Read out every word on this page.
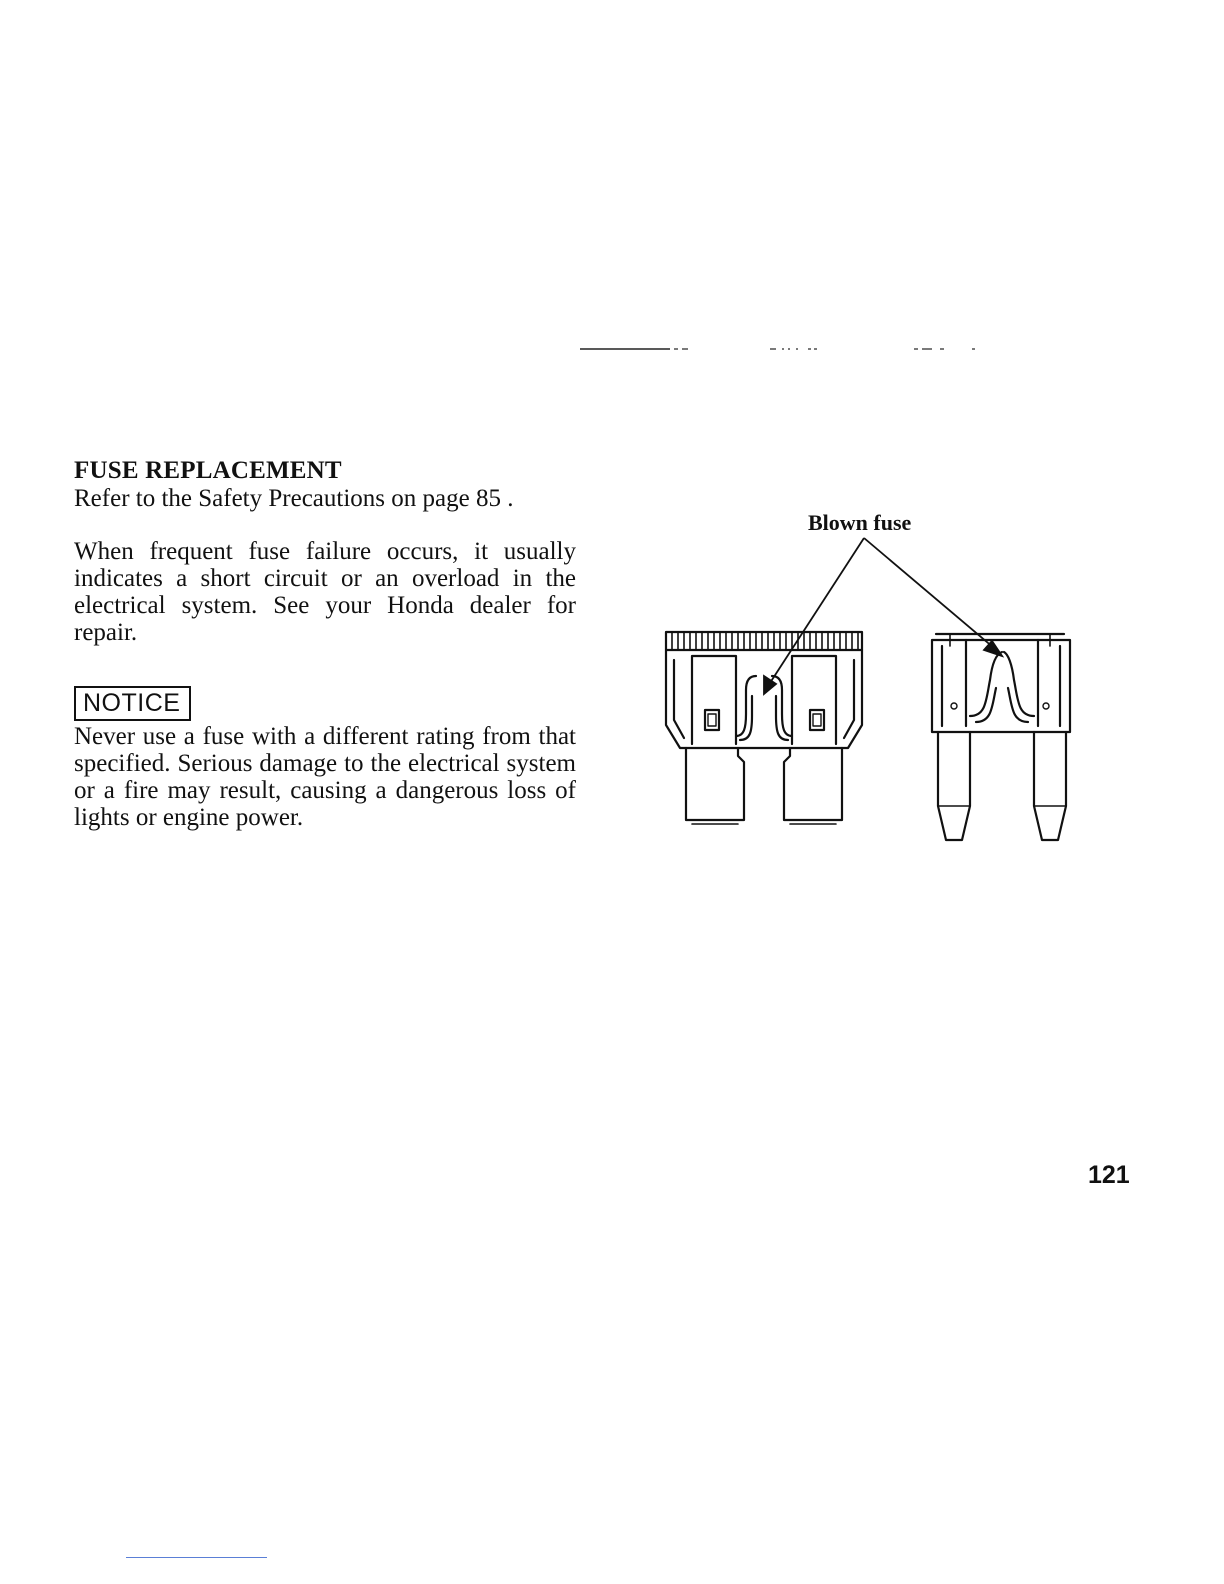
FUSE REPLACEMENT

Refer to the Safety Precautions on page 85 .

When frequent fuse failure occurs, it usually indicates a short circuit or an overload in the electrical system. See your Honda dealer for repair.

NOTICE

Never use a fuse with a different rating from that specified. Serious damage to the electrical system or a fire may result, causing a dangerous loss of lights or engine power.

Blown fuse
121
